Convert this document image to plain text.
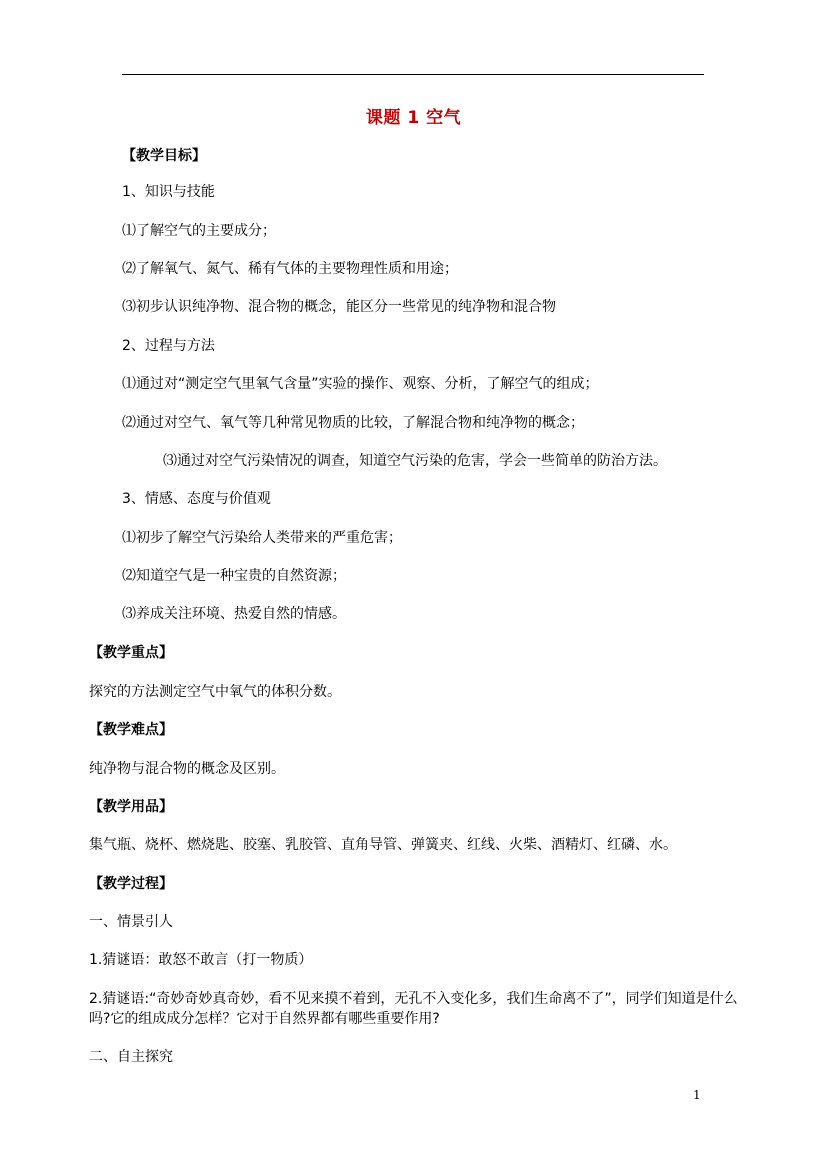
课题 1 空气
【教学目标】
1、知识与技能
⑴了解空气的主要成分；
⑵了解氧气、氮气、稀有气体的主要物理性质和用途；
⑶初步认识纯净物、混合物的概念，能区分一些常见的纯净物和混合物
2、过程与方法
⑴通过对“测定空气里氧气含量”实验的操作、观察、分析，了解空气的组成；
⑵通过对空气、氧气等几种常见物质的比较，了解混合物和纯净物的概念；
⑶通过对空气污染情况的调查，知道空气污染的危害，学会一些简单的防治方法。
3、情感、态度与价值观
⑴初步了解空气污染给人类带来的严重危害；
⑵知道空气是一种宝贵的自然资源；
⑶养成关注环境、热爱自然的情感。
【教学重点】
探究的方法测定空气中氧气的体积分数。
【教学难点】
纯净物与混合物的概念及区别。
【教学用品】
集气瓶、烧杯、燃烧匙、胶塞、乳胶管、直角导管、弹簧夹、红线、火柴、酒精灯、红磷、水。
【教学过程】
一、情景引人
1.猜谜语：敢怒不敢言（打一物质）
2.猜谜语:“奇妙奇妙真奇妙，看不见来摸不着到，无孔不入变化多，我们生命离不了”，同学们知道是什么吗?它的组成成分怎样？它对于自然界都有哪些重要作用?
二、自主探究
1
